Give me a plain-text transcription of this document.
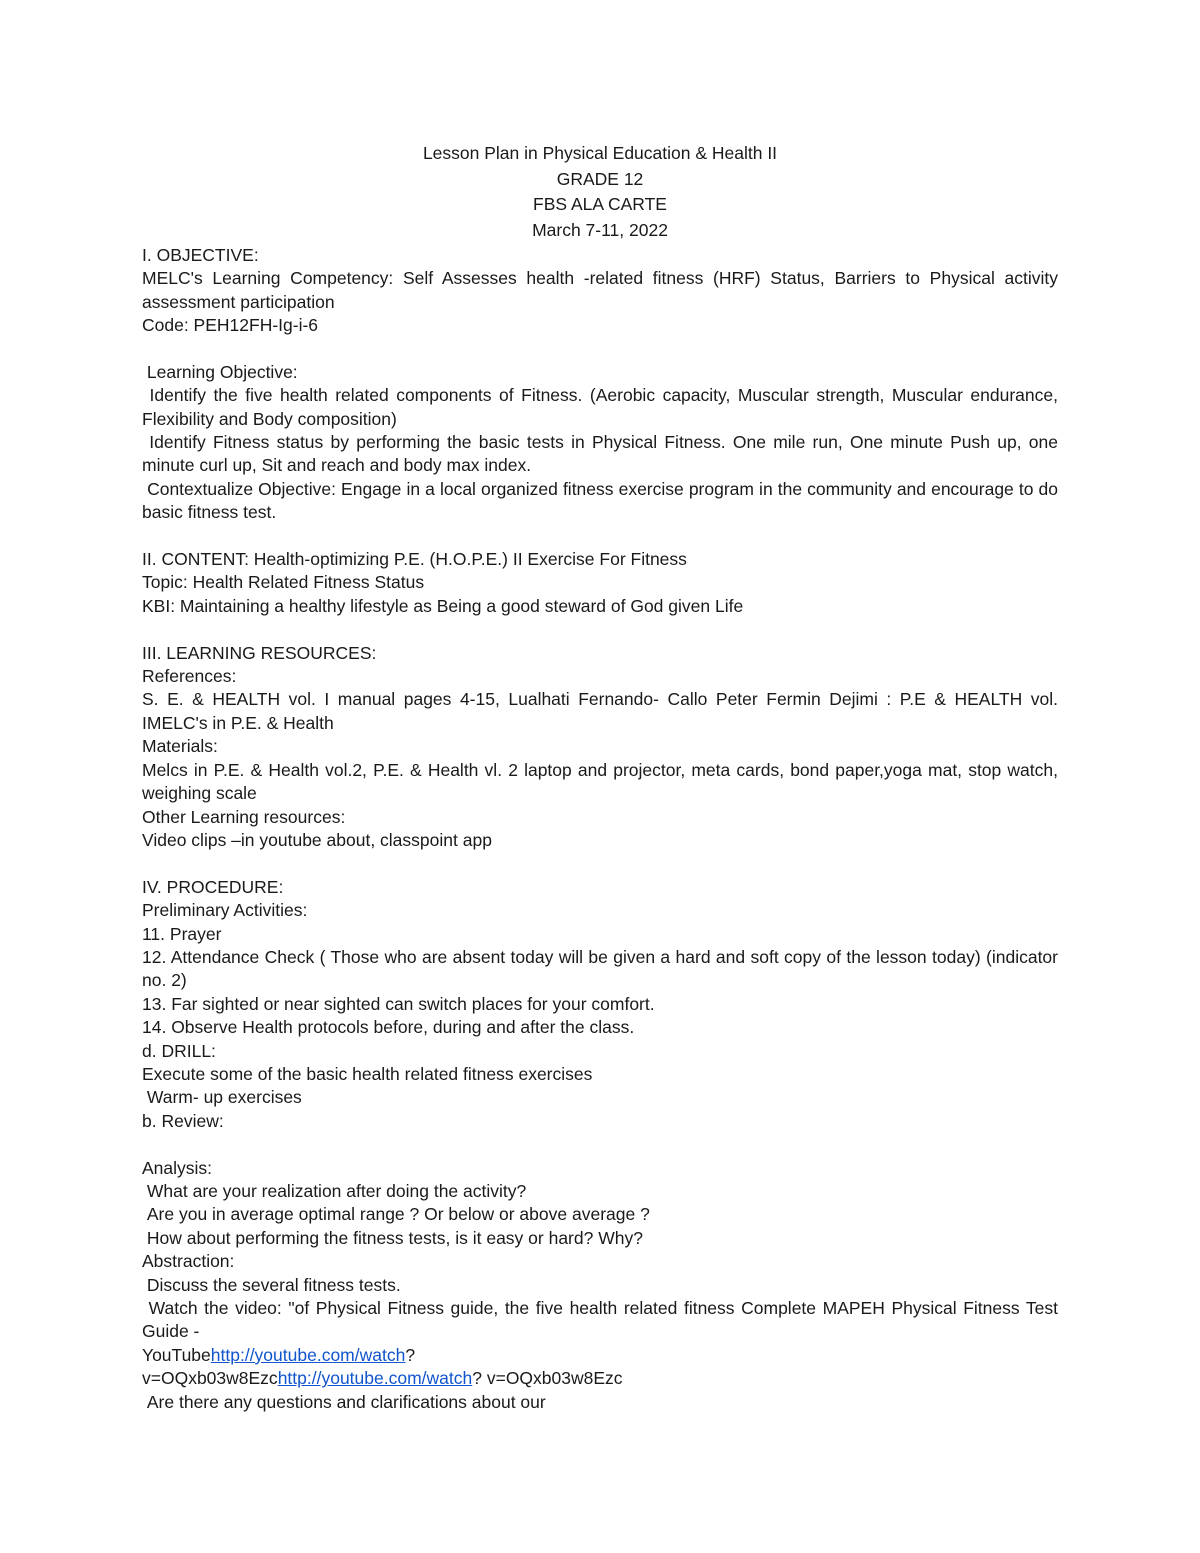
Lesson Plan in Physical Education & Health II
GRADE 12
FBS ALA CARTE
March 7-11, 2022
I. OBJECTIVE:
MELC's Learning Competency: Self Assesses health -related fitness (HRF) Status, Barriers to Physical activity assessment participation
Code: PEH12FH-Ig-i-6
Learning Objective:
Identify the five health related components of Fitness. (Aerobic capacity, Muscular strength, Muscular endurance, Flexibility and Body composition)
Identify Fitness status by performing the basic tests in Physical Fitness. One mile run, One minute Push up, one minute curl up, Sit and reach and body max index.
Contextualize Objective: Engage in a local organized fitness exercise program in the community and encourage to do basic fitness test.
II. CONTENT: Health-optimizing P.E. (H.O.P.E.) II Exercise For Fitness
Topic: Health Related Fitness Status
KBI: Maintaining a healthy lifestyle as Being a good steward of God given Life
III. LEARNING RESOURCES:
References:
S. E. & HEALTH vol. I manual pages 4-15, Lualhati Fernando- Callo Peter Fermin Dejimi : P.E & HEALTH vol. IMELC's in P.E. & Health
Materials:
Melcs in P.E. & Health vol.2, P.E. & Health vl. 2 laptop and projector, meta cards, bond paper,yoga mat, stop watch, weighing scale
Other Learning resources:
Video clips –in youtube about, classpoint app
IV. PROCEDURE:
Preliminary Activities:
11. Prayer
12. Attendance Check ( Those who are absent today will be given a hard and soft copy of the lesson today) (indicator no. 2)
13. Far sighted or near sighted can switch places for your comfort.
14. Observe Health protocols before, during and after the class.
d. DRILL:
Execute some of the basic health related fitness exercises
Warm- up exercises
b. Review:
Analysis:
What are your realization after doing the activity?
Are you in average optimal range ? Or below or above average ?
How about performing the fitness tests, is it easy or hard? Why?
Abstraction:
Discuss the several fitness tests.
Watch the video: "of Physical Fitness guide, the five health related fitness Complete MAPEH Physical Fitness Test Guide -
YouTubehttp://youtube.com/watch?
v=OQxb03w8Ezchttp://youtube.com/watch? v=OQxb03w8Ezc
Are there any questions and clarifications about our
